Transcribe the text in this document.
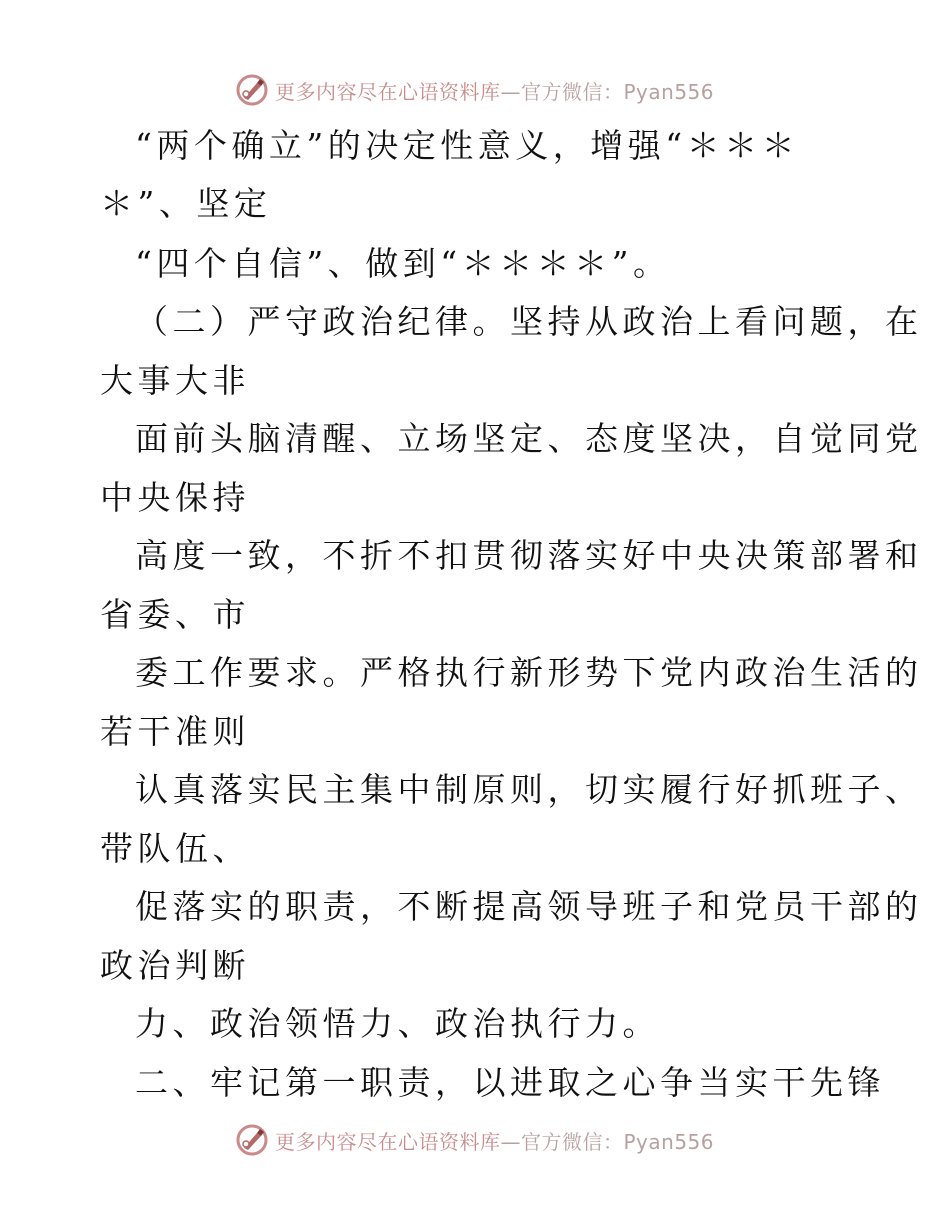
更多内容尽在心语资料库—官方微信：Pyan556
“两个确立”的决定性意义，增强“＊＊＊
＊”、坚定
“四个自信”、做到“＊＊＊＊”。
（二）严守政治纪律。坚持从政治上看问题，在
大事大非
面前头脑清醒、立场坚定、态度坚决，自觉同党
中央保持
高度一致，不折不扣贯彻落实好中央决策部署和
省委、市
委工作要求。严格执行新形势下党内政治生活的
若干准则
认真落实民主集中制原则，切实履行好抓班子、
带队伍、
促落实的职责，不断提高领导班子和党员干部的
政治判断
力、政治领悟力、政治执行力。
二、牢记第一职责，以进取之心争当实干先锋
更多内容尽在心语资料库—官方微信：Pyan556
